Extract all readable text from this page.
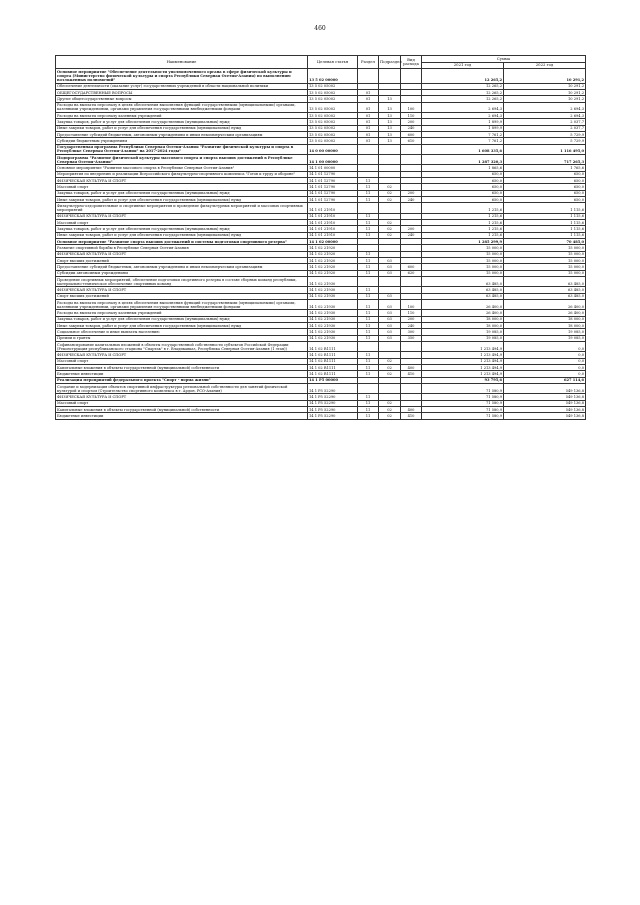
460
Наименование	Целевая статья	Раздел	Подраздел	Вид расхода	Сумма	
					2021 год	2022 год
Основное мероприятие "Обеспечение деятельности уполномоченного органа в сфере физической культуры и спорта (Министерство физической культуры и спорта Республики Северная Осетия-Алания) по выполнению возложенных полномочий"	13 5 02 00000				12 265,2	10 291,2
Обеспечение деятельности (оказание услуг) государственных учреждений в области национальной политики	13 5 02 05002				12 265,2	10 291,2
ОБЩЕГОСУДАРСТВЕННЫЕ ВОПРОСЫ	13 5 02 05002	01			12 265,2	10 291,2
Другие общегосударственные вопросы	13 5 02 05002	01	13		12 265,2	10 291,2
Расходы на выплаты персоналу в целях обеспечения выполнения функций государственными (муниципальными) органами, казенными учреждениями, органами управления государственными внебюджетными фондами	13 5 02 05002	01	13	100	2 694,3	2 694,3
Расходы на выплаты персоналу казенных учреждений	13 5 02 05002	01	13	110	2 694,3	2 694,3
Закупка товаров, работ и услуг для обеспечения государственных (муниципальных) нужд	13 5 02 05002	01	13	200	1 899,9	2 037,7
Иные закупки товаров, работ и услуг для обеспечения государственных (муниципальных) нужд	13 5 02 05002	01	13	240	1 899,9	2 037,7
Предоставление субсидий бюджетным, автономным учреждениям и иным некоммерческим организациям	13 5 02 05002	01	13	600	7 761,2	5 729,9
Субсидии бюджетным учреждениям	13 5 02 05002	01	13	610	7 761,2	5 729,9
Государственная программа Республики Северная Осетия-Алания "Развитие физической культуры и спорта в Республике Северная Осетия-Алания" на 2017-2024 годы"	14 0 00 00000				1 608 335,6	1 116 495,0
Подпрограмма "Развитие физической культуры массового спорта и спорта высших достижений в Республике Северная Осетия-Алания"	14 1 00 00000				1 287 320,3	717 265,3
Основное мероприятие "Развитие массового спорта в Республике Северная Осетия-Алания"	14 1 01 00000				1 865,6	1 765,6
Мероприятия по внедрению и реализации Всероссийского физкультурно-спортивного комплекса "Готов к труду и обороне"	14 1 01 12790				650,0	650,0
ФИЗИЧЕСКАЯ КУЛЬТУРА И СПОРТ	14 1 01 12790	11			650,0	650,0
Массовый спорт	14 1 01 12790	11	02		650,0	650,0
Закупка товаров, работ и услуг для обеспечения государственных (муниципальных) нужд	14 1 01 12790	11	02	200	650,0	650,0
Иные закупки товаров, работ и услуг для обеспечения государственных (муниципальных) нужд	14 1 01 12790	11	02	240	650,0	650,0
Физкультурно-оздоровительные и спортивные мероприятия и проведение физкультурных мероприятий и массовых спортивных мероприятий	14 1 01 21910				1 215,6	1 115,6
ФИЗИЧЕСКАЯ КУЛЬТУРА И СПОРТ	14 1 01 21910	11			1 215,6	1 115,6
Массовый спорт	14 1 01 21910	11	02		1 215,6	1 115,6
Закупка товаров, работ и услуг для обеспечения государственных (муниципальных) нужд	14 1 01 21910	11	02	200	1 215,6	1 115,6
Иные закупки товаров, работ и услуг для обеспечения государственных (муниципальных) нужд	14 1 01 21910	11	02	240	1 215,6	1 115,6
Основное мероприятие "Развитие спорта высших достижений и системы подготовки спортивного резерва"	14 1 02 00000				1 285 299,9	70 485,0
Развитие спортивной борьбы в Республике Северная Осетия-Алания	14 1 02 21920				15 000,0	15 000,0
ФИЗИЧЕСКАЯ КУЛЬТУРА И СПОРТ	14 1 02 21920	11			15 000,0	15 000,0
Спорт высших достижений	14 1 02 21920	11	03		15 000,0	15 000,0
Предоставление субсидий бюджетным, автономным учреждениям и иным некоммерческим организациям	14 1 02 21920	11	03	600	15 000,0	15 000,0
Субсидии автономным учреждениям	14 1 02 21920	11	03	620	15 000,0	15 000,0
Проведение спортивных мероприятий, обеспечение подготовки спортивного резерва в составе сборных команд республики, материально-техническое обеспечение спортивных команд	14 1 02 21930				63 485,0	63 485,0
ФИЗИЧЕСКАЯ КУЛЬТУРА И СПОРТ	14 1 02 21930	11			63 485,0	63 485,0
Спорт высших достижений	14 1 02 21930	11	03		63 485,0	63 485,0
Расходы на выплаты персоналу в целях обеспечения выполнения функций государственными (муниципальными) органами, казенными учреждениями, органами управления государственными внебюджетными фондами	14 1 02 21930	11	03	100	26 400,0	26 400,0
Расходы на выплаты персоналу казенных учреждений	14 1 02 21930	11	03	110	26 400,0	26 400,0
Закупка товаров, работ и услуг для обеспечения государственных (муниципальных) нужд	14 1 02 21930	11	03	200	18 000,0	18 000,0
Иные закупки товаров, работ и услуг для обеспечения государственных (муниципальных) нужд	14 1 02 21930	11	03	240	18 000,0	18 000,0
Социальное обеспечение и иные выплаты населению	14 1 02 21930	11	03	300	19 085,0	19 085,0
Премии и гранты	14 1 02 21930	11	03	350	19 085,0	19 085,0
Софинансирование капитальных вложений в объекты государственной собственности субъектов Российской Федерации (Реконструкция республиканского стадиона "Спартак" в г. Владикавказ, Республика Северная Осетия-Алания (1 этап))	14 1 02 R1111				1 213 494,9	0,0
ФИЗИЧЕСКАЯ КУЛЬТУРА И СПОРТ	14 1 02 R1111	11			1 213 494,9	0,0
Массовый спорт	14 1 02 R1111	11	02		1 213 494,9	0,0
Капитальные вложения в объекты государственной (муниципальной) собственности	14 1 02 R1111	11	02	400	1 213 494,9	0,0
Бюджетные инвестиции	14 1 02 R1111	11	02	410	1 213 494,9	0,0
Реализация мероприятий федерального проекта "Спорт - норма жизни"	14 1 P5 00000				93 795,6	627 114,6
Создание и модернизация объектов спортивной инфраструктуры региональной собственности для занятий физической культурой и спортом (Строительство спортивного комплекса в г. Ардон, РСО-Алания)	14 1 P5 52290				71 580,9	549 136,8
ФИЗИЧЕСКАЯ КУЛЬТУРА И СПОРТ	14 1 P5 52290	11			71 580,9	549 136,8
Массовый спорт	14 1 P5 52290	11	02		71 580,9	549 136,8
Капитальные вложения в объекты государственной (муниципальной) собственности	14 1 P5 52290	11	02	400	71 580,9	549 136,8
Бюджетные инвестиции	14 1 P5 52290	11	02	410	71 580,9	549 136,8
